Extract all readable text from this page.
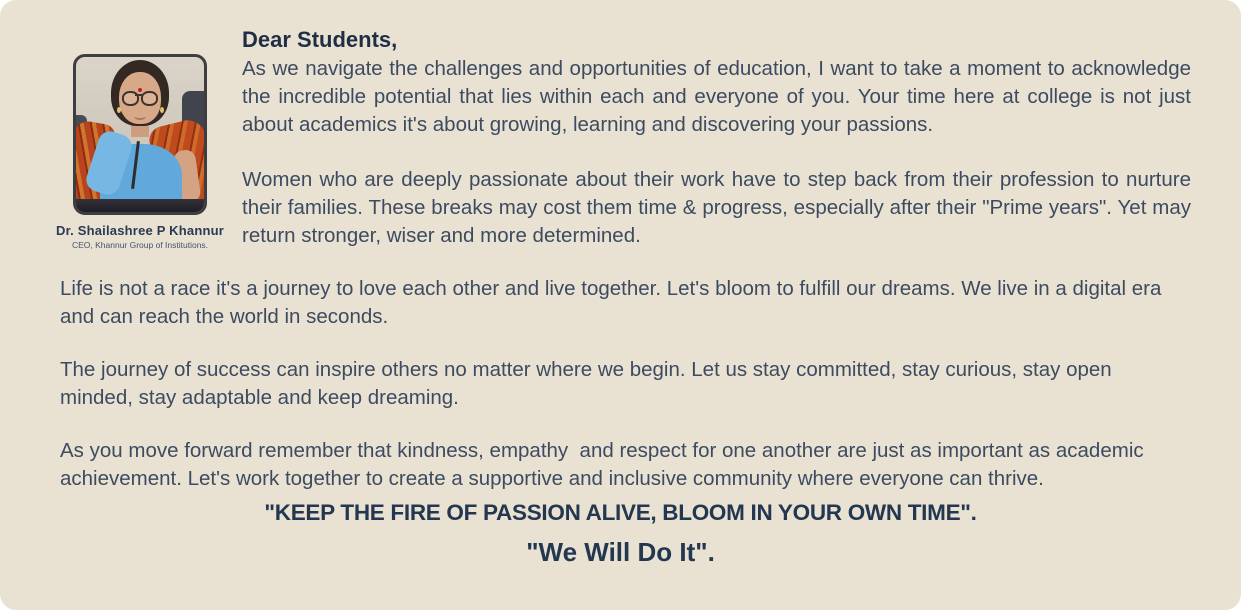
Dr. Shailashree P Khannur
CEO, Khannur Group of Institutions.
Dear Students,

As we navigate the challenges and opportunities of education, I want to take a moment to acknowledge the incredible potential that lies within each and everyone of you. Your time here at college is not just about academics it's about growing, learning and discovering your passions.

Women who are deeply passionate about their work have to step back from their profession to nurture their families. These breaks may cost them time & progress, especially after their "Prime years". Yet may return stronger, wiser and more determined.

Life is not a race it's a journey to love each other and live together. Let's bloom to fulfill our dreams. We live in a digital era and can reach the world in seconds.

The journey of success can inspire others no matter where we begin. Let us stay committed, stay curious, stay open minded, stay adaptable and keep dreaming.

As you move forward remember that kindness, empathy  and respect for one another are just as important as academic achievement. Let's work together to create a supportive and inclusive community where everyone can thrive.

"KEEP THE FIRE OF PASSION ALIVE, BLOOM IN YOUR OWN TIME".
"We Will Do It".
